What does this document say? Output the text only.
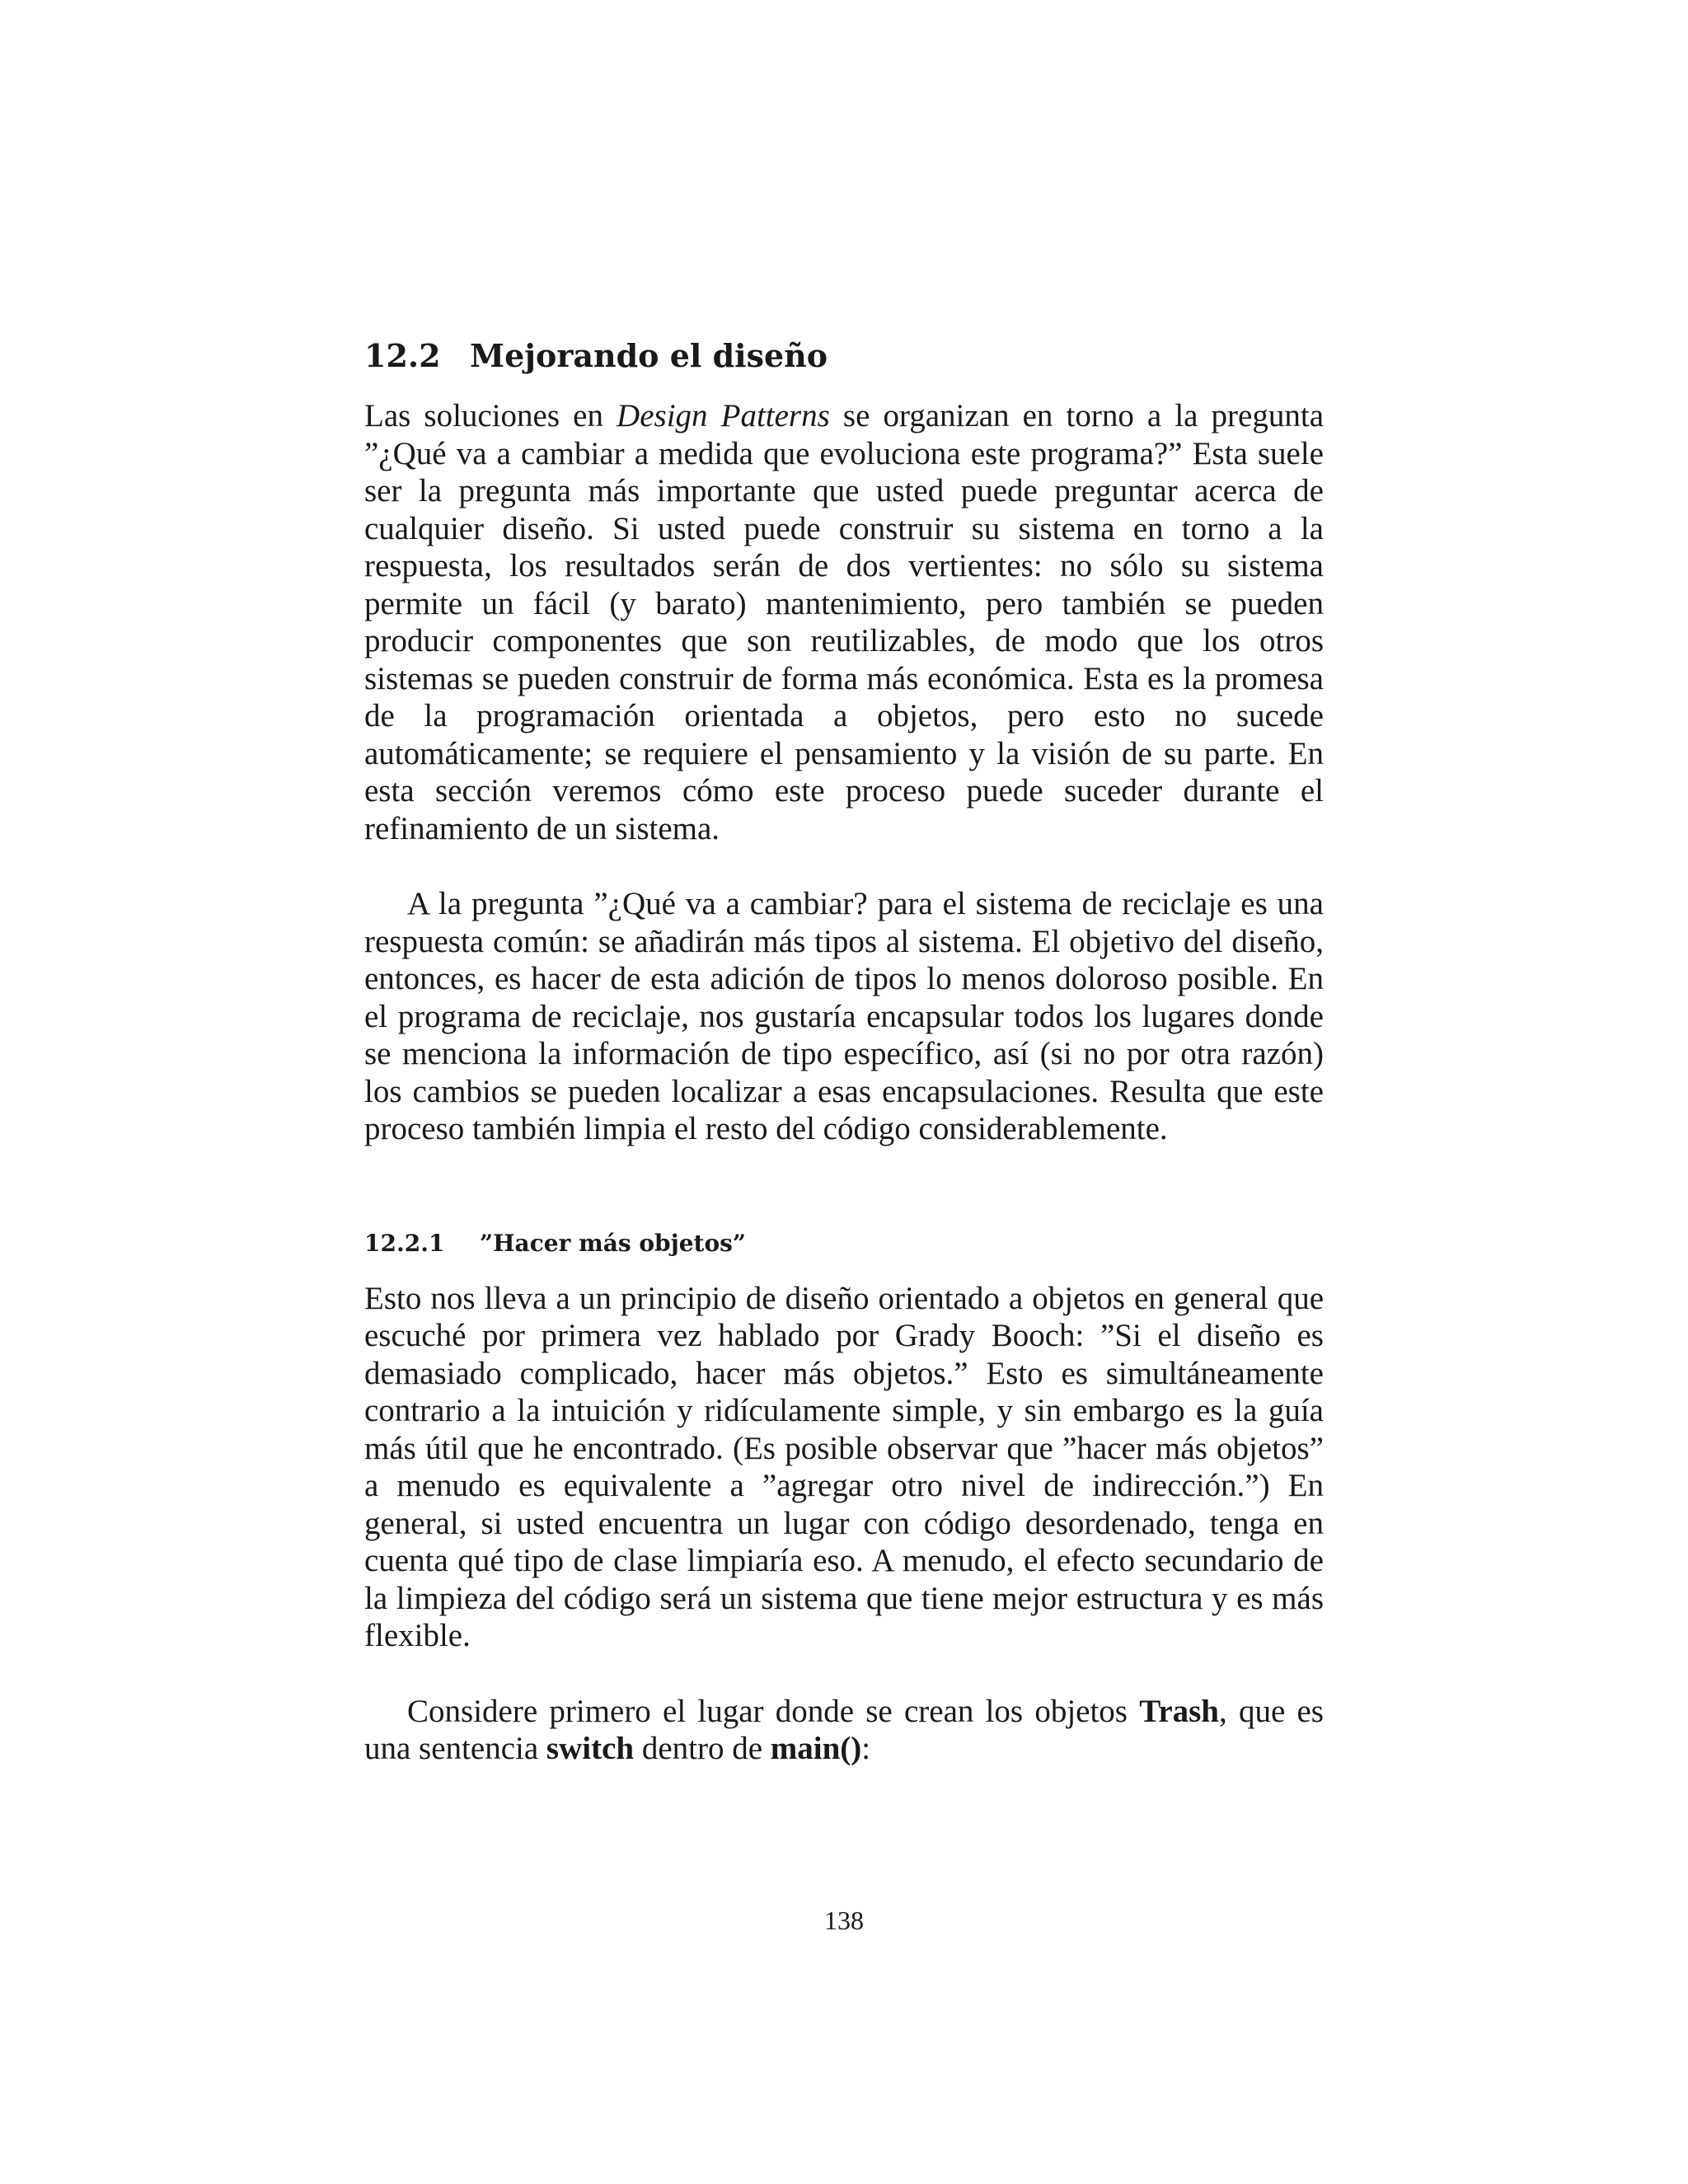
12.2 Mejorando el diseño

Las soluciones en Design Patterns se organizan en torno a la pregunta ”¿Qué va a cambiar a medida que evoluciona este programa?” Esta suele ser la pregunta más importante que usted puede preguntar acerca de cualquier diseño. Si usted puede construir su sistema en torno a la respuesta, los resultados serán de dos vertientes: no sólo su sistema permite un fácil (y barato) mantenimiento, pero también se pueden producir componentes que son reutilizables, de modo que los otros sistemas se pueden construir de forma más económica. Esta es la promesa de la programación orientada a objetos, pero esto no sucede automáticamente; se requiere el pensamiento y la visión de su parte. En esta sección veremos cómo este proceso puede suceder durante el refinamiento de un sistema.

A la pregunta ”¿Qué va a cambiar? para el sistema de reciclaje es una respuesta común: se añadirán más tipos al sistema. El objetivo del diseño, entonces, es hacer de esta adición de tipos lo menos doloroso posible. En el programa de reciclaje, nos gustaría encapsular todos los lugares donde se menciona la información de tipo específico, así (si no por otra razón) los cambios se pueden localizar a esas encapsulaciones. Resulta que este proceso también limpia el resto del código considerablemente.

12.2.1 ”Hacer más objetos”

Esto nos lleva a un principio de diseño orientado a objetos en general que escuché por primera vez hablado por Grady Booch: ”Si el diseño es demasiado complicado, hacer más objetos.” Esto es simultáneamente contrario a la intuición y ridículamente simple, y sin embargo es la guía más útil que he encontrado. (Es posible observar que ”hacer más objetos” a menudo es equivalente a ”agregar otro nivel de indirección.”) En general, si usted encuentra un lugar con código desordenado, tenga en cuenta qué tipo de clase limpiaría eso. A menudo, el efecto secundario de la limpieza del código será un sistema que tiene mejor estructura y es más flexible.

Considere primero el lugar donde se crean los objetos Trash, que es una sentencia switch dentro de main():

138
